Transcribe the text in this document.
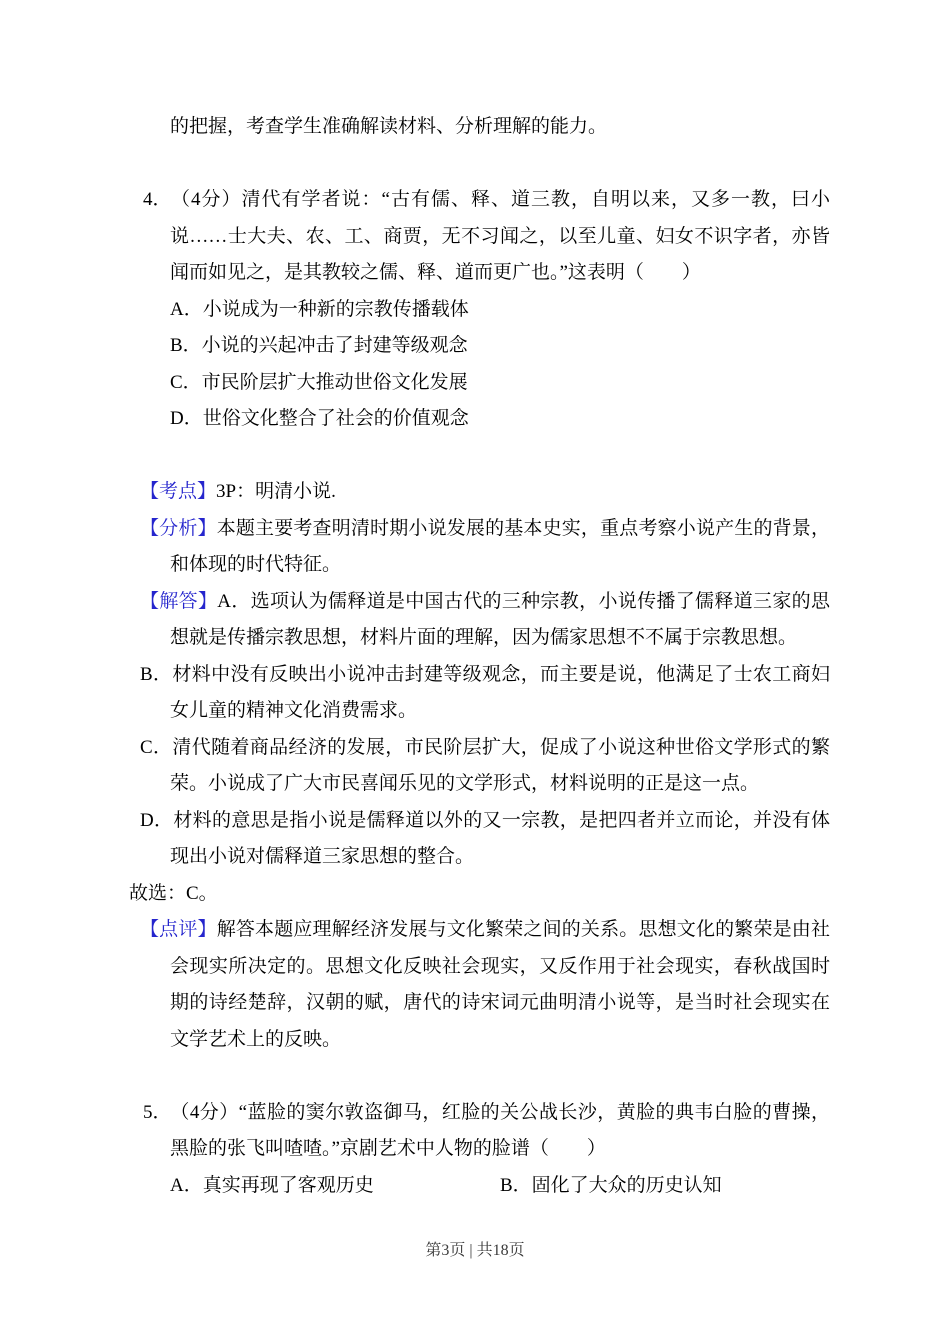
的把握，考查学生准确解读材料、分析理解的能力。

4．（4分）清代有学者说：“古有儒、释、道三教，自明以来，又多一教，曰小说……士大夫、农、工、商贾，无不习闻之，以至儿童、妇女不识字者，亦皆闻而如见之，是其教较之儒、释、道而更广也。”这表明（　　）

A．小说成为一种新的宗教传播载体
B．小说的兴起冲击了封建等级观念
C．市民阶层扩大推动世俗文化发展
D．世俗文化整合了社会的价值观念

【考点】3P：明清小说.

【分析】本题主要考查明清时期小说发展的基本史实，重点考察小说产生的背景，和体现的时代特征。

【解答】A．选项认为儒释道是中国古代的三种宗教，小说传播了儒释道三家的思想就是传播宗教思想，材料片面的理解，因为儒家思想不不属于宗教思想。

B．材料中没有反映出小说冲击封建等级观念，而主要是说，他满足了士农工商妇女儿童的精神文化消费需求。

C．清代随着商品经济的发展，市民阶层扩大，促成了小说这种世俗文学形式的繁荣。小说成了广大市民喜闻乐见的文学形式，材料说明的正是这一点。

D．材料的意思是指小说是儒释道以外的又一宗教，是把四者并立而论，并没有体现出小说对儒释道三家思想的整合。

故选：C。

【点评】解答本题应理解经济发展与文化繁荣之间的关系。思想文化的繁荣是由社会现实所决定的。思想文化反映社会现实，又反作用于社会现实，春秋战国时期的诗经楚辞，汉朝的赋，唐代的诗宋词元曲明清小说等，是当时社会现实在文学艺术上的反映。

5．（4分）“蓝脸的窦尔敦盗御马，红脸的关公战长沙，黄脸的典韦白脸的曹操，黑脸的张飞叫喳喳。”京剧艺术中人物的脸谱（　　）

A．真实再现了客观历史	B．固化了大众的历史认知
第3页 | 共18页
